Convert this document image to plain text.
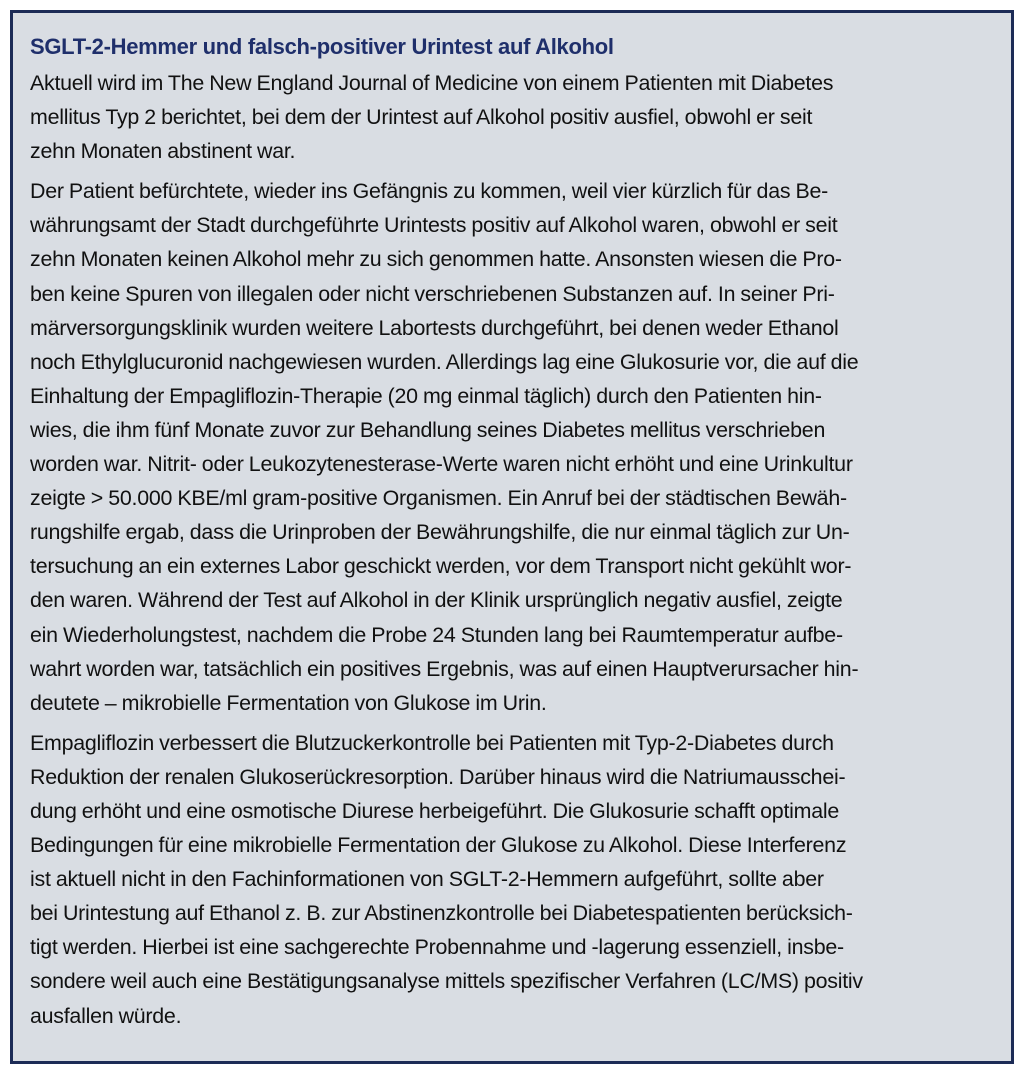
SGLT-2-Hemmer und falsch-positiver Urintest auf Alkohol

Aktuell wird im The New England Journal of Medicine von einem Patienten mit Diabetes
mellitus Typ 2 berichtet, bei dem der Urintest auf Alkohol positiv ausfiel, obwohl er seit
zehn Monaten abstinent war.

Der Patient befürchtete, wieder ins Gefängnis zu kommen, weil vier kürzlich für das Be-
währungsamt der Stadt durchgeführte Urintests positiv auf Alkohol waren, obwohl er seit
zehn Monaten keinen Alkohol mehr zu sich genommen hatte. Ansonsten wiesen die Pro-
ben keine Spuren von illegalen oder nicht verschriebenen Substanzen auf. In seiner Pri-
märversorgungsklinik wurden weitere Labortests durchgeführt, bei denen weder Ethanol
noch Ethylglucuronid nachgewiesen wurden. Allerdings lag eine Glukosurie vor, die auf die
Einhaltung der Empagliflozin-Therapie (20 mg einmal täglich) durch den Patienten hin-
wies, die ihm fünf Monate zuvor zur Behandlung seines Diabetes mellitus verschrieben
worden war. Nitrit- oder Leukozytenesterase-Werte waren nicht erhöht und eine Urinkultur
zeigte > 50.000 KBE/ml gram-positive Organismen. Ein Anruf bei der städtischen Bewäh-
rungshilfe ergab, dass die Urinproben der Bewährungshilfe, die nur einmal täglich zur Un-
tersuchung an ein externes Labor geschickt werden, vor dem Transport nicht gekühlt wor-
den waren. Während der Test auf Alkohol in der Klinik ursprünglich negativ ausfiel, zeigte
ein Wiederholungstest, nachdem die Probe 24 Stunden lang bei Raumtemperatur aufbe-
wahrt worden war, tatsächlich ein positives Ergebnis, was auf einen Hauptverursacher hin-
deutete – mikrobielle Fermentation von Glukose im Urin.

Empagliflozin verbessert die Blutzuckerkontrolle bei Patienten mit Typ-2-Diabetes durch
Reduktion der renalen Glukoserückresorption. Darüber hinaus wird die Natriumausschei-
dung erhöht und eine osmotische Diurese herbeigeführt. Die Glukosurie schafft optimale
Bedingungen für eine mikrobielle Fermentation der Glukose zu Alkohol. Diese Interferenz
ist aktuell nicht in den Fachinformationen von SGLT-2-Hemmern aufgeführt, sollte aber
bei Urintestung auf Ethanol z. B. zur Abstinenzkontrolle bei Diabetespatienten berücksich-
tigt werden. Hierbei ist eine sachgerechte Probennahme und -lagerung essenziell, insbe-
sondere weil auch eine Bestätigungsanalyse mittels spezifischer Verfahren (LC/MS) positiv
ausfallen würde.
